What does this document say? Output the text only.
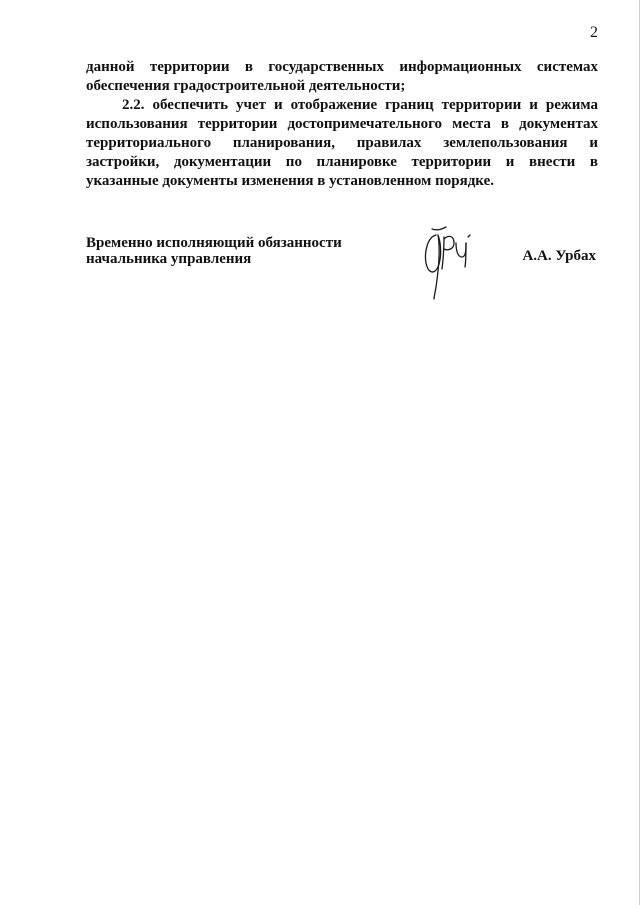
2

данной территории в государственных информационных системах обеспечения градостроительной деятельности;

2.2. обеспечить учет и отображение границ территории и режима использования территории достопримечательного места в документах территориального планирования, правилах землепользования и застройки, документации по планировке территории и внести в указанные документы изменения в установленном порядке.

Временно исполняющий обязанности
начальника управления	А.А. Урбах
